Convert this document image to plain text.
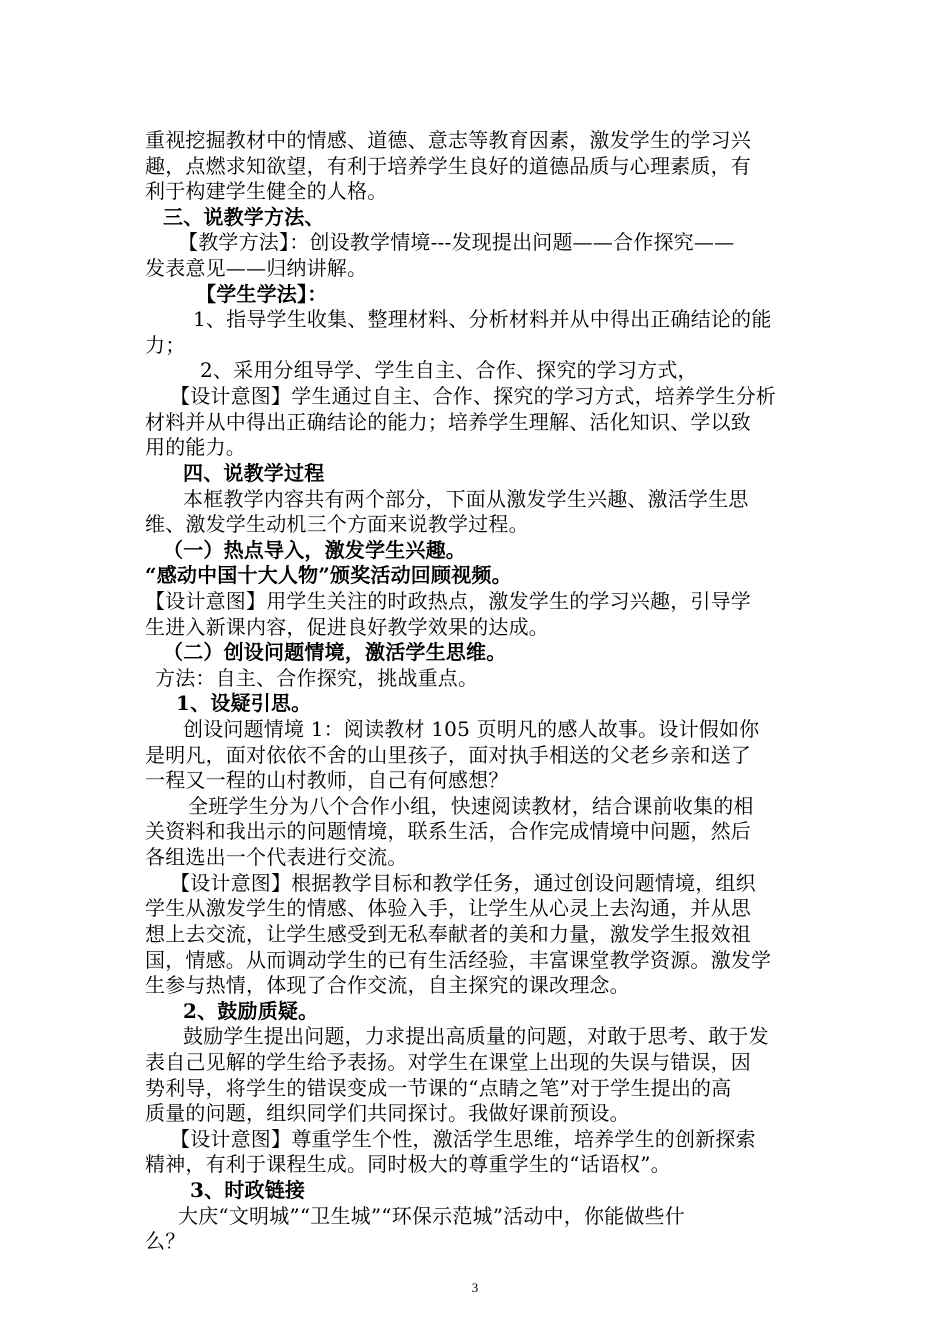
重视挖掘教材中的情感、道德、意志等教育因素，激发学生的学习兴
趣，点燃求知欲望，有利于培养学生良好的道德品质与心理素质，有
利于构建学生健全的人格。
三、说教学方法、
【教学方法】：创设教学情境---发现提出问题——合作探究——
发表意见——归纳讲解。
【学生学法】：
1、指导学生收集、整理材料、分析材料并从中得出正确结论的能
力；
2、采用分组导学、学生自主、合作、探究的学习方式，
【设计意图】学生通过自主、合作、探究的学习方式，培养学生分析
材料并从中得出正确结论的能力；培养学生理解、活化知识、学以致
用的能力。
四、说教学过程
本框教学内容共有两个部分，下面从激发学生兴趣、激活学生思
维、激发学生动机三个方面来说教学过程。
（一）热点导入，激发学生兴趣。
“感动中国十大人物”颁奖活动回顾视频。
【设计意图】用学生关注的时政热点，激发学生的学习兴趣，引导学
生进入新课内容，促进良好教学效果的达成。
（二）创设问题情境，激活学生思维。
方法：自主、合作探究，挑战重点。
1、设疑引思。
创设问题情境 1：阅读教材 105 页明凡的感人故事。设计假如你
是明凡，面对依依不舍的山里孩子，面对执手相送的父老乡亲和送了
一程又一程的山村教师，自己有何感想？
全班学生分为八个合作小组，快速阅读教材，结合课前收集的相
关资料和我出示的问题情境，联系生活，合作完成情境中问题，然后
各组选出一个代表进行交流。
【设计意图】根据教学目标和教学任务，通过创设问题情境，组织
学生从激发学生的情感、体验入手，让学生从心灵上去沟通，并从思
想上去交流，让学生感受到无私奉献者的美和力量，激发学生报效祖
国，情感。从而调动学生的已有生活经验，丰富课堂教学资源。激发学
生参与热情，体现了合作交流，自主探究的课改理念。
2、鼓励质疑。
鼓励学生提出问题，力求提出高质量的问题，对敢于思考、敢于发
表自己见解的学生给予表扬。对学生在课堂上出现的失误与错误，因
势利导，将学生的错误变成一节课的“点睛之笔”对于学生提出的高
质量的问题，组织同学们共同探讨。我做好课前预设。
【设计意图】尊重学生个性，激活学生思维，培养学生的创新探索
精神，有利于课程生成。同时极大的尊重学生的“话语权”。
3、时政链接
大庆“文明城”“卫生城”“环保示范城”活动中，你能做些什
么？
3
